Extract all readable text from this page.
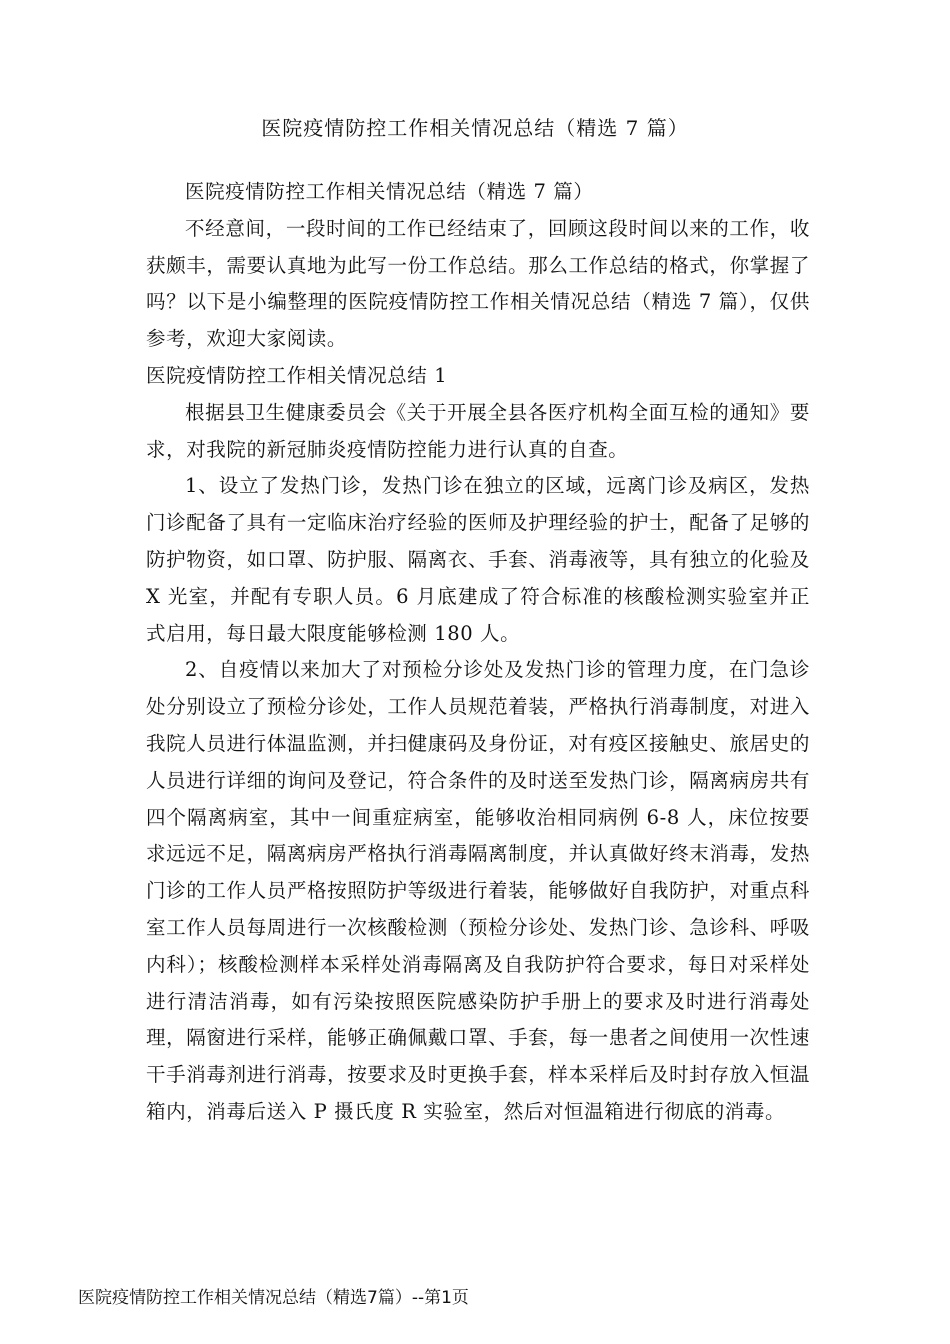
医院疫情防控工作相关情况总结（精选 7 篇）

医院疫情防控工作相关情况总结（精选 7 篇）

不经意间，一段时间的工作已经结束了，回顾这段时间以来的工作，收获颇丰，需要认真地为此写一份工作总结。那么工作总结的格式，你掌握了吗？以下是小编整理的医院疫情防控工作相关情况总结（精选 7 篇），仅供参考，欢迎大家阅读。

医院疫情防控工作相关情况总结 1

根据县卫生健康委员会《关于开展全县各医疗机构全面互检的通知》要求，对我院的新冠肺炎疫情防控能力进行认真的自查。

1、设立了发热门诊，发热门诊在独立的区域，远离门诊及病区，发热门诊配备了具有一定临床治疗经验的医师及护理经验的护士，配备了足够的防护物资，如口罩、防护服、隔离衣、手套、消毒液等，具有独立的化验及 X 光室，并配有专职人员。6 月底建成了符合标准的核酸检测实验室并正式启用，每日最大限度能够检测 180 人。

2、自疫情以来加大了对预检分诊处及发热门诊的管理力度，在门急诊处分别设立了预检分诊处，工作人员规范着装，严格执行消毒制度，对进入我院人员进行体温监测，并扫健康码及身份证，对有疫区接触史、旅居史的人员进行详细的询问及登记，符合条件的及时送至发热门诊，隔离病房共有四个隔离病室，其中一间重症病室，能够收治相同病例 6-8 人，床位按要求远远不足，隔离病房严格执行消毒隔离制度，并认真做好终末消毒，发热门诊的工作人员严格按照防护等级进行着装，能够做好自我防护，对重点科室工作人员每周进行一次核酸检测（预检分诊处、发热门诊、急诊科、呼吸内科）；核酸检测样本采样处消毒隔离及自我防护符合要求，每日对采样处进行清洁消毒，如有污染按照医院感染防护手册上的要求及时进行消毒处理，隔窗进行采样，能够正确佩戴口罩、手套，每一患者之间使用一次性速干手消毒剂进行消毒，按要求及时更换手套，样本采样后及时封存放入恒温箱内，消毒后送入 P 摄氏度 R 实验室，然后对恒温箱进行彻底的消毒。

医院疫情防控工作相关情况总结（精选7篇）--第1页
